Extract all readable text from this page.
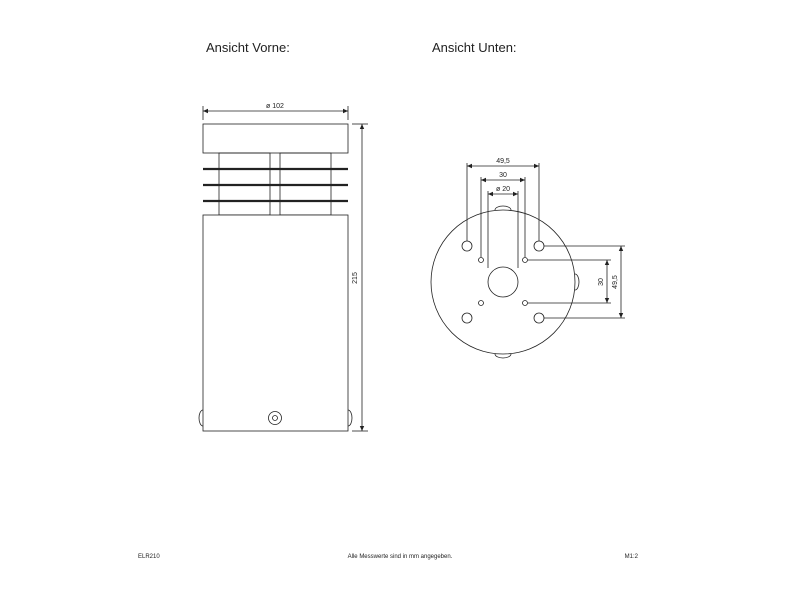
Ansicht Vorne:	Ansicht Unten:
ø 102
215
49,5
30
ø 20
30 49,5
ELR210	Alle Messwerte sind in mm angegeben.	M1:2
